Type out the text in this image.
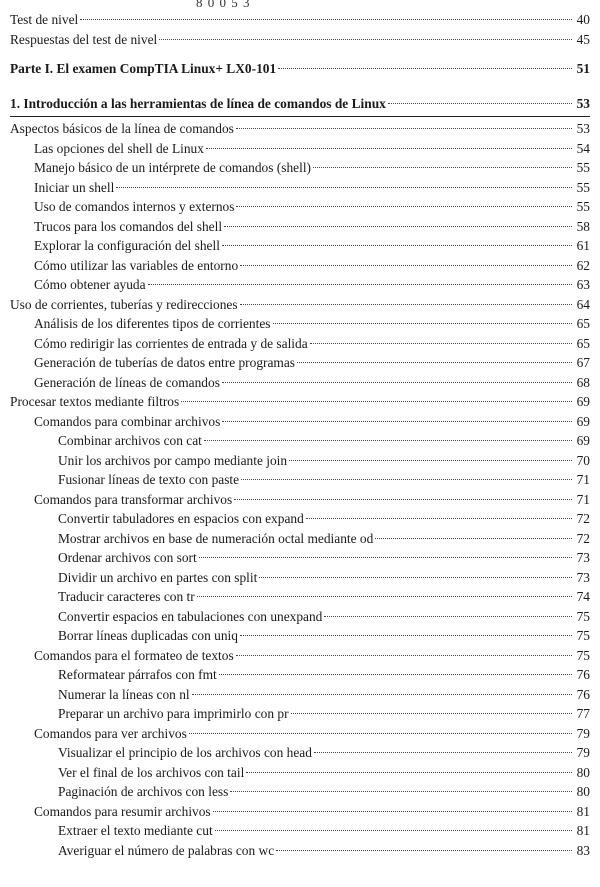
Test de nivel	40
Respuestas del test de nivel	45
Parte I. El examen CompTIA Linux+ LX0-101	51
1. Introducción a las herramientas de línea de comandos de Linux	53
Aspectos básicos de la línea de comandos	53
Las opciones del shell de Linux	54
Manejo básico de un intérprete de comandos (shell)	55
Iniciar un shell	55
Uso de comandos internos y externos	55
Trucos para los comandos del shell	58
Explorar la configuración del shell	61
Cómo utilizar las variables de entorno	62
Cómo obtener ayuda	63
Uso de corrientes, tuberías y redirecciones	64
Análisis de los diferentes tipos de corrientes	65
Cómo redirigir las corrientes de entrada y de salida	65
Generación de tuberías de datos entre programas	67
Generación de líneas de comandos	68
Procesar textos mediante filtros	69
Comandos para combinar archivos	69
Combinar archivos con cat	69
Unir los archivos por campo mediante join	70
Fusionar líneas de texto con paste	71
Comandos para transformar archivos	71
Convertir tabuladores en espacios con expand	72
Mostrar archivos en base de numeración octal mediante od	72
Ordenar archivos con sort	73
Dividir un archivo en partes con split	73
Traducir caracteres con tr	74
Convertir espacios en tabulaciones con unexpand	75
Borrar líneas duplicadas con uniq	75
Comandos para el formateo de textos	75
Reformatear párrafos con fmt	76
Numerar la líneas con nl	76
Preparar un archivo para imprimirlo con pr	77
Comandos para ver archivos	79
Visualizar el principio de los archivos con head	79
Ver el final de los archivos con tail	80
Paginación de archivos con less	80
Comandos para resumir archivos	81
Extraer el texto mediante cut	81
Averiguar el número de palabras con wc	83
